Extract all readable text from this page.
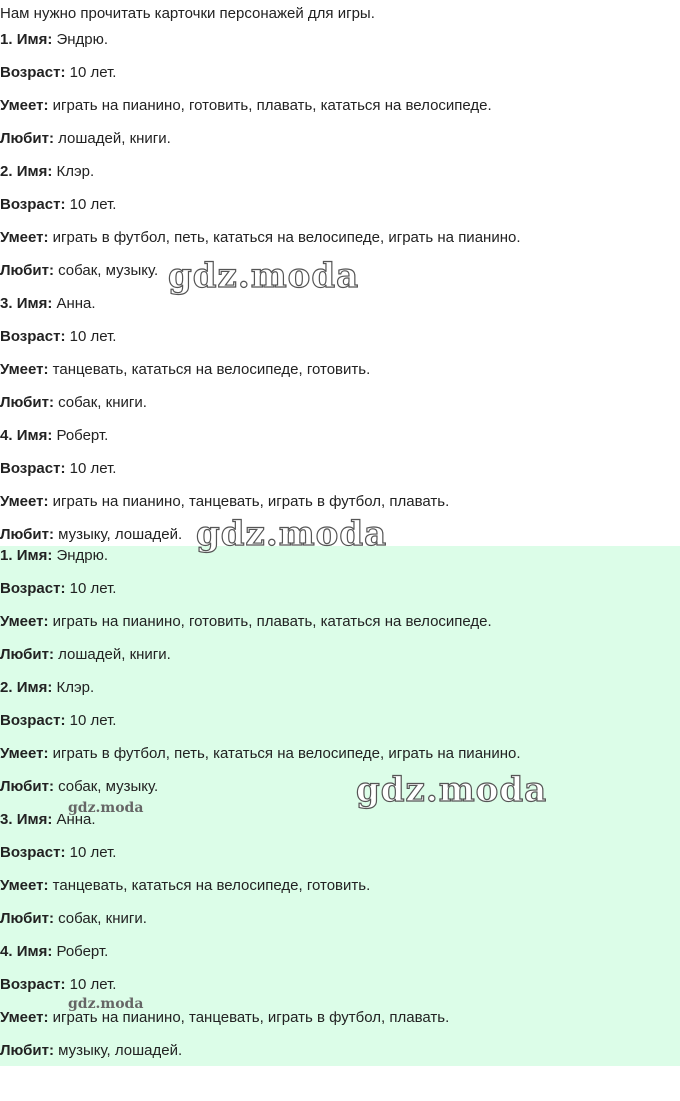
Нам нужно прочитать карточки персонажей для игры.

1. Имя: Эндрю.
Возраст: 10 лет.
Умеет: играть на пианино, готовить, плавать, кататься на велосипеде.
Любит: лошадей, книги.
2. Имя: Клэр.
Возраст: 10 лет.
Умеет: играть в футбол, петь, кататься на велосипеде, играть на пианино.
Любит: собак, музыку.
3. Имя: Анна.
Возраст: 10 лет.
Умеет: танцевать, кататься на велосипеде, готовить.
Любит: собак, книги.
4. Имя: Роберт.
Возраст: 10 лет.
Умеет: играть на пианино, танцевать, играть в футбол, плавать.
Любит: музыку, лошадей.
1. Имя: Эндрю.
Возраст: 10 лет.
Умеет: играть на пианино, готовить, плавать, кататься на велосипеде.
Любит: лошадей, книги.
2. Имя: Клэр.
Возраст: 10 лет.
Умеет: играть в футбол, петь, кататься на велосипеде, играть на пианино.
Любит: собак, музыку.
3. Имя: Анна.
Возраст: 10 лет.
Умеет: танцевать, кататься на велосипеде, готовить.
Любит: собак, книги.
4. Имя: Роберт.
Возраст: 10 лет.
Умеет: играть на пианино, танцевать, играть в футбол, плавать.
Любит: музыку, лошадей.
gdz.moda
gdz.moda
gdz.moda
gdz.moda
gdz.moda
